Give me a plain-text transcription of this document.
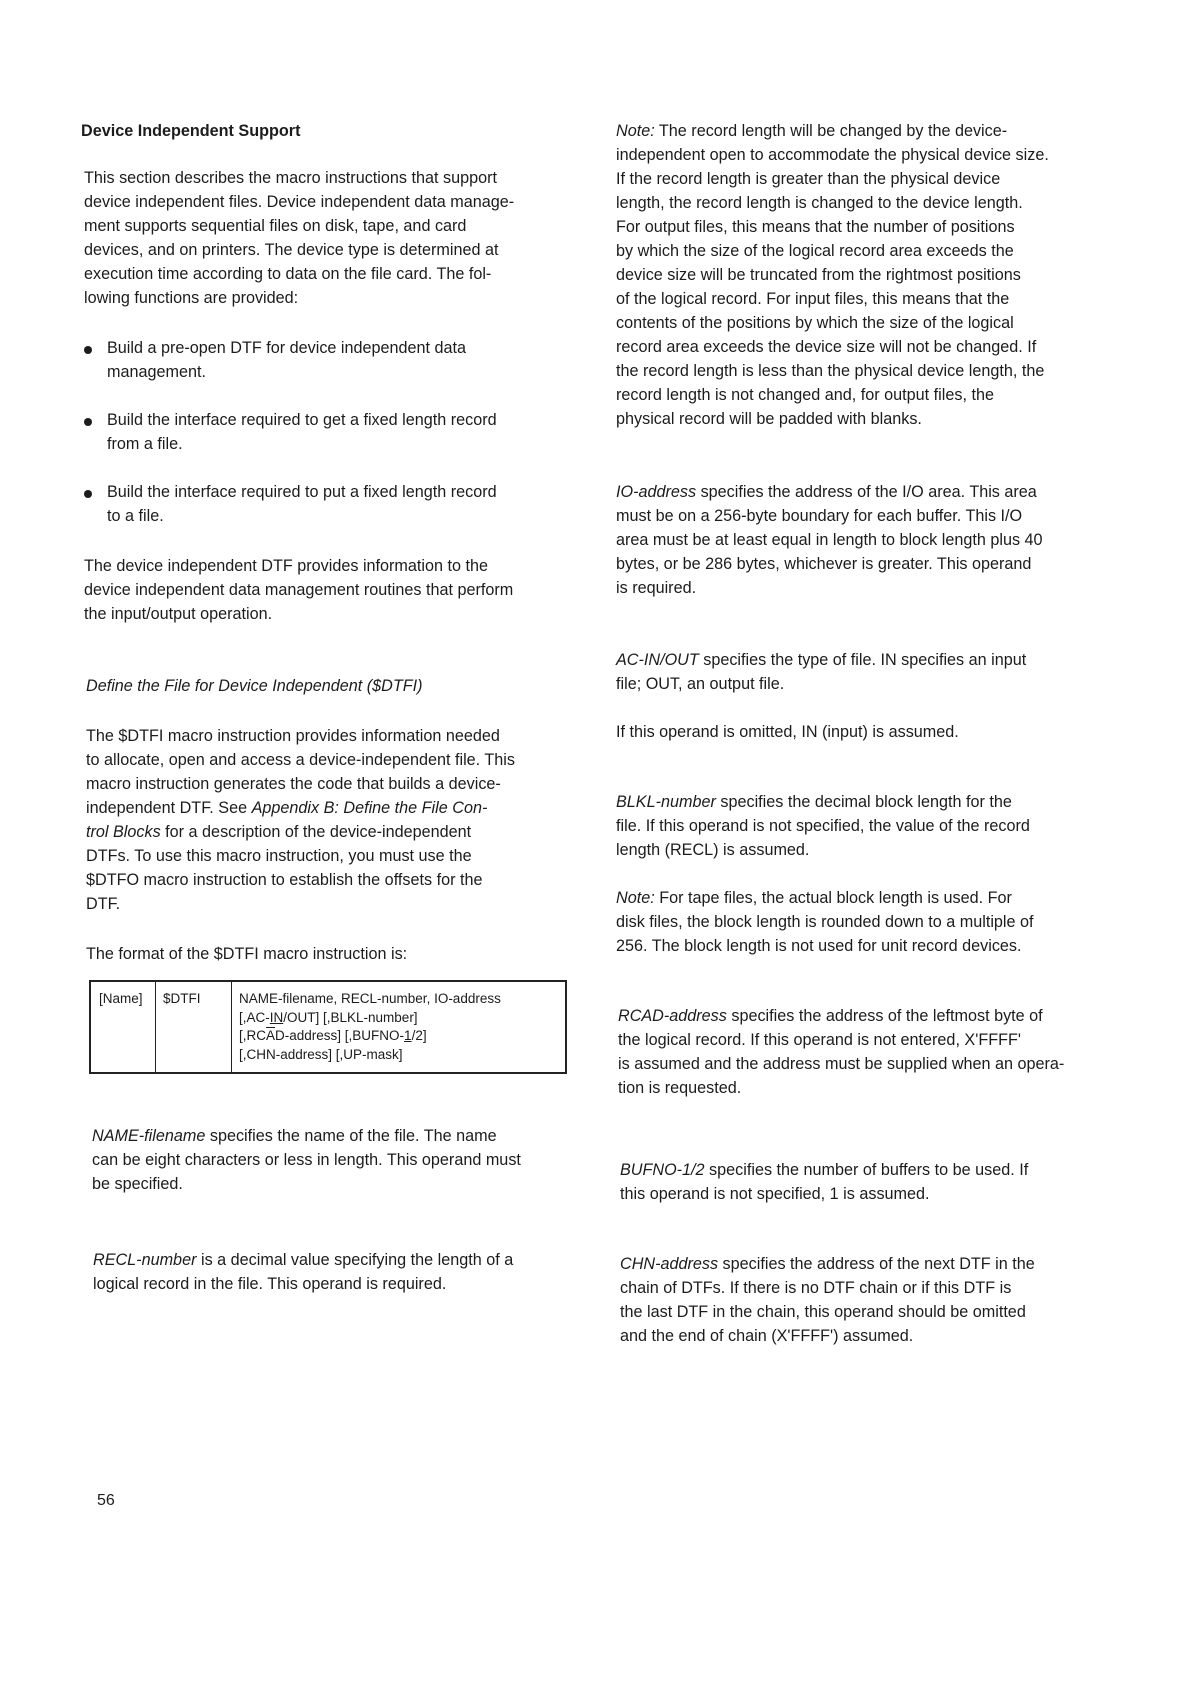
Device Independent Support
This section describes the macro instructions that support
device independent files. Device independent data manage-
ment supports sequential files on disk, tape, and card
devices, and on printers. The device type is determined at
execution time according to data on the file card. The fol-
lowing functions are provided:
Build a pre-open DTF for device independent data
management.
Build the interface required to get a fixed length record
from a file.
Build the interface required to put a fixed length record
to a file.
The device independent DTF provides information to the
device independent data management routines that perform
the input/output operation.
Define the File for Device Independent ($DTFI)
The $DTFI macro instruction provides information needed
to allocate, open and access a device-independent file. This
macro instruction generates the code that builds a device-
independent DTF. See Appendix B: Define the File Con-
trol Blocks for a description of the device-independent
DTFs. To use this macro instruction, you must use the
$DTFO macro instruction to establish the offsets for the
DTF.
The format of the $DTFI macro instruction is:
[Name] $DTFI	NAME-filename, RECL-number, IO-address
[,AC-IN/OUT] [,BLKL-number]
$[,RC\overline{A}D-address]$ [,BUFNO-1/2]
[,CHN-address] [,UP-mask]
NAME-filename specifies the name of the file. The name
can be eight characters or less in length. This operand must
be specified.
RECL-number is a decimal value specifying the length of a
logical record in the file. This operand is required.
Note: The record length will be changed by the device-
independent open to accommodate the physical device size.
If the record length is greater than the physical device
length, the record length is changed to the device length.
For output files, this means that the number of positions
by which the size of the logical record area exceeds the
device size will be truncated from the rightmost positions
of the logical record. For input files, this means that the
contents of the positions by which the size of the logical
record area exceeds the device size will not be changed. If
the record length is less than the physical device length, the
record length is not changed and, for output files, the
physical record will be padded with blanks.
IO-address specifies the address of the I/O area. This area
must be on a 256-byte boundary for each buffer. This I/O
area must be at least equal in length to block length plus 40
bytes, or be 286 bytes, whichever is greater. This operand
is required.
AC-IN/OUT specifies the type of file. IN specifies an input
file; OUT, an output file.
If this operand is omitted, IN (input) is assumed.
BLKL-number specifies the decimal block length for the
file. If this operand is not specified, the value of the record
length (RECL) is assumed.
Note: For tape files, the actual block length is used. For
disk files, the block length is rounded down to a multiple of
256. The block length is not used for unit record devices.
RCAD-address specifies the address of the leftmost byte of
the logical record. If this operand is not entered, X'FFFF'
is assumed and the address must be supplied when an opera-
tion is requested.
BUFNO-1/2 specifies the number of buffers to be used. If
this operand is not specified, 1 is assumed.
CHN-address specifies the address of the next DTF in the
chain of DTFs. If there is no DTF chain or if this DTF is
the last DTF in the chain, this operand should be omitted
and the end of chain (X'FFFF') assumed.
56
